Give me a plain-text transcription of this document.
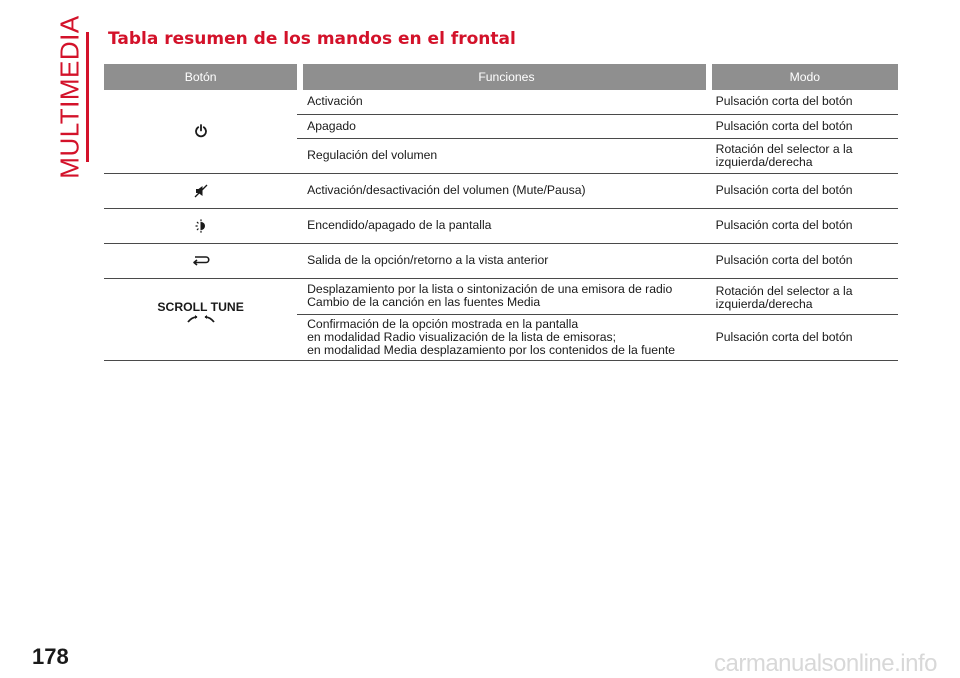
MULTIMEDIA Tabla resumen de los mandos en el frontal
Botón		Funciones		Modo
		Activación		Pulsación corta del botón
		Apagado		Pulsación corta del botón
		Regulación del volumen		Rotación del selector a la
izquierda/derecha
		Activación/desactivación del volumen (Mute/Pausa)		Pulsación corta del botón
		Encendido/apagado de la pantalla		Pulsación corta del botón
		Salida de la opción/retorno a la vista anterior		Pulsación corta del botón

SCROLL TUNE		Desplazamiento por la lista o sintonización de una emisora de radio
Cambio de la canción en las fuentes Media		Rotación del selector a la
izquierda/derecha
		Confirmación de la opción mostrada en la pantalla
en modalidad Radio visualización de la lista de emisoras;
en modalidad Media desplazamiento por los contenidos de la fuente		Pulsación corta del botón
178	carmanualsonline.info
